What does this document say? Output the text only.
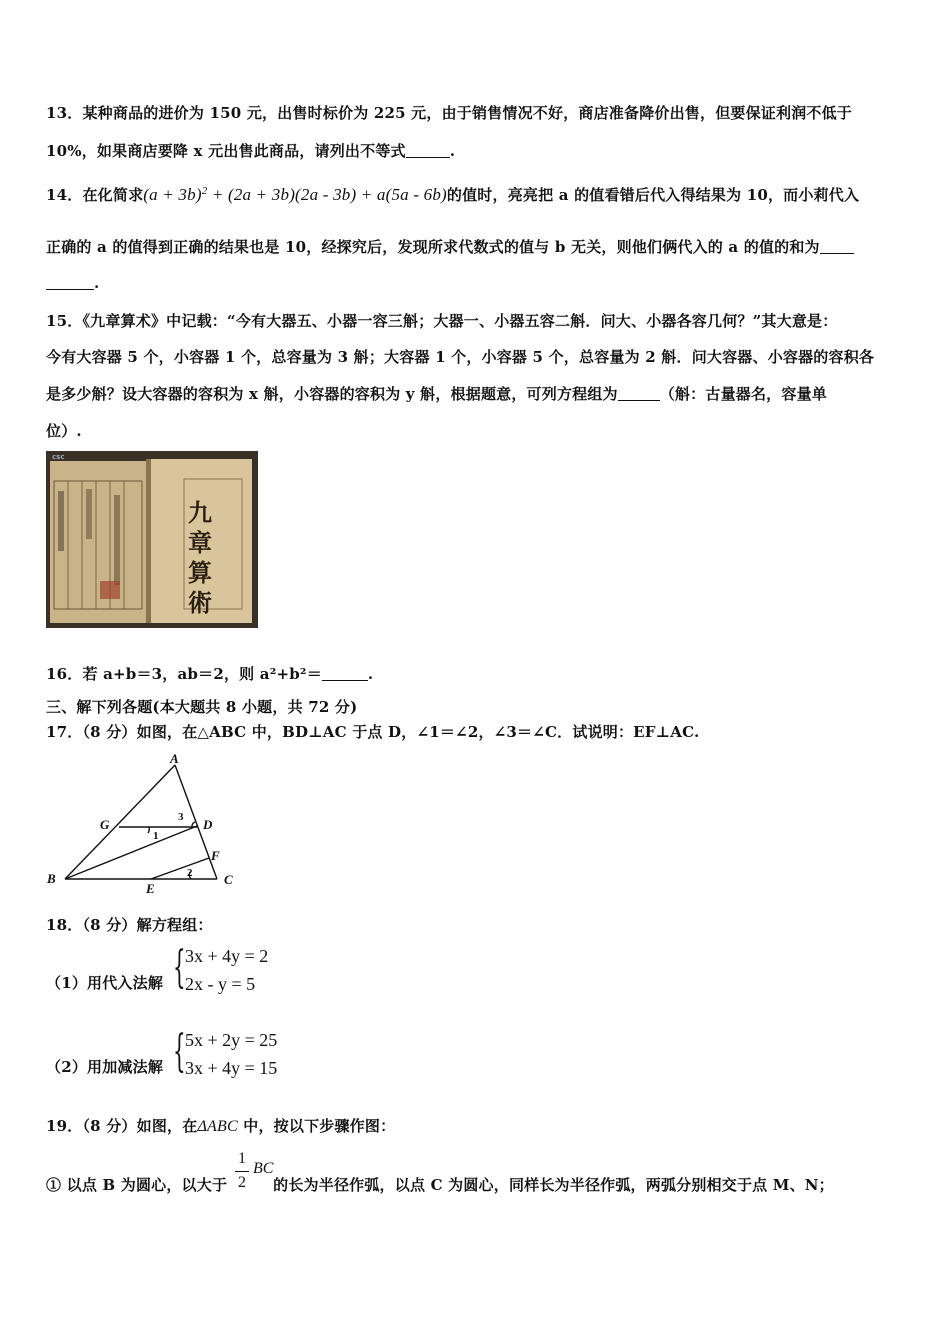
13．某种商品的进价为 150 元，出售时标价为 225 元，由于销售情况不好，商店准备降价出售，但要保证利润不低于
10%，如果商店要降 x 元出售此商品，请列出不等式	.
14．在化简求$(a + 3b)^2 + (2a + 3b)(2a - 3b) + a(5a - 6b)$的值时，亮亮把 a 的值看错后代入得结果为 10，而小莉代入
正确的 a 的值得到正确的结果也是 10，经探究后，发现所求代数式的值与 b 无关，则他们俩代入的 a 的值的和为
.
15．《九章算术》中记载：“今有大器五、小器一容三斛；大器一、小器五容二斛．问大、小器各容几何？”其大意是：
今有大容器 5 个，小容器 1 个，总容量为 3 斛；大容器 1 个，小容器 5 个，总容量为 2 斛．问大容器、小容器的容积各
是多少斛？设大容器的容积为 x 斛，小容器的容积为 y 斛，根据题意，可列方程组为	（斛：古量器名，容量单
位）.
csc
九
章
算
術
16．若 a+b＝3，ab＝2，则 a²+b²＝	.
三、解下列各题(本大题共 8 小题，共 72 分)
17．（8 分）如图，在△ABC 中，BD⊥AC 于点 D，∠1＝∠2，∠3＝∠C．试说明：EF⊥AC.
A
B	C
D
E
F
G
1
2
3
18．（8 分）解方程组：
（1）用代入法解 { 3x + 4y = 2
2x - y = 5
（2）用加减法解 { 5x + 2y = 25
3x + 4y = 15
19．（8 分）如图，在ΔABC 中，按以下步骤作图：
① 以点 B 为圆心，以大于	的长为半径作弧，以点 C 为圆心，同样长为半径作弧，两弧分别相交于点 M、N；
1
2
BC
